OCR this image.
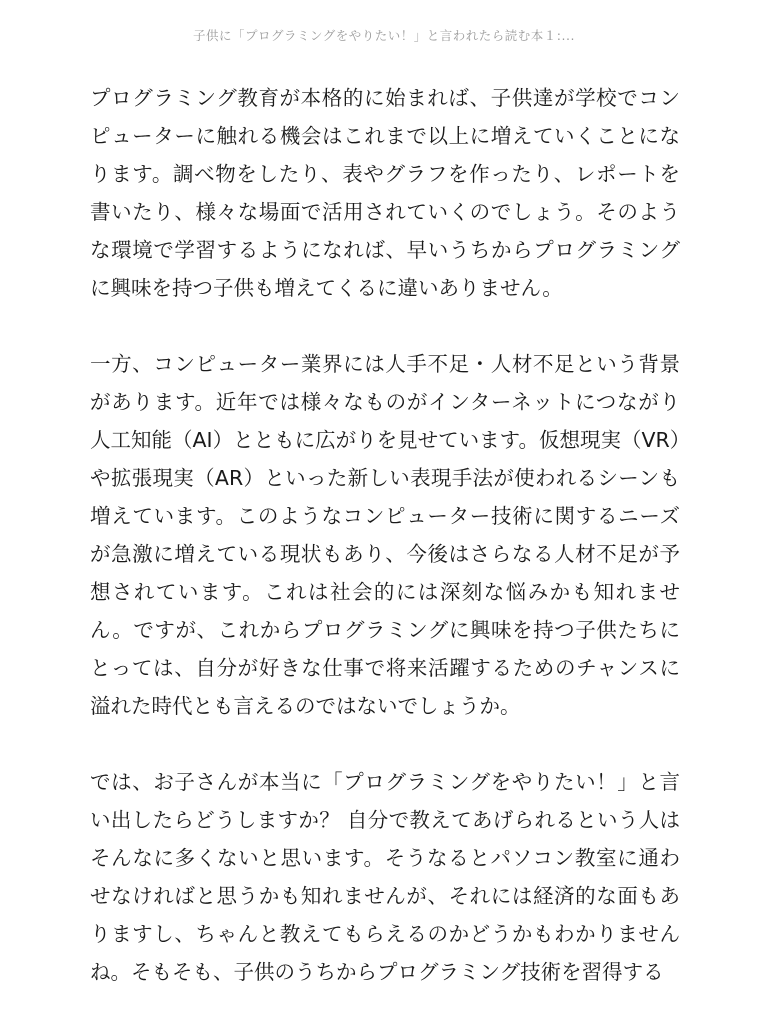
子供に「プログラミングをやりたい！」と言われたら読む本１:...

プログラミング教育が本格的に始まれば、子供達が学校でコンピューターに触れる機会はこれまで以上に増えていくことになります。調べ物をしたり、表やグラフを作ったり、レポートを書いたり、様々な場面で活用されていくのでしょう。そのような環境で学習するようになれば、早いうちからプログラミングに興味を持つ子供も増えてくるに違いありません。

一方、コンピューター業界には人手不足・人材不足という背景があります。近年では様々なものがインターネットにつながり人工知能（AI）とともに広がりを見せています。仮想現実（VR）や拡張現実（AR）といった新しい表現手法が使われるシーンも増えています。このようなコンピューター技術に関するニーズが急激に増えている現状もあり、今後はさらなる人材不足が予想されています。これは社会的には深刻な悩みかも知れません。ですが、これからプログラミングに興味を持つ子供たちにとっては、自分が好きな仕事で将来活躍するためのチャンスに溢れた時代とも言えるのではないでしょうか。

では、お子さんが本当に「プログラミングをやりたい！」と言い出したらどうしますか？ 自分で教えてあげられるという人はそんなに多くないと思います。そうなるとパソコン教室に通わせなければと思うかも知れませんが、それには経済的な面もありますし、ちゃんと教えてもらえるのかどうかもわかりませんね。そもそも、子供のうちからプログラミング技術を習得する
